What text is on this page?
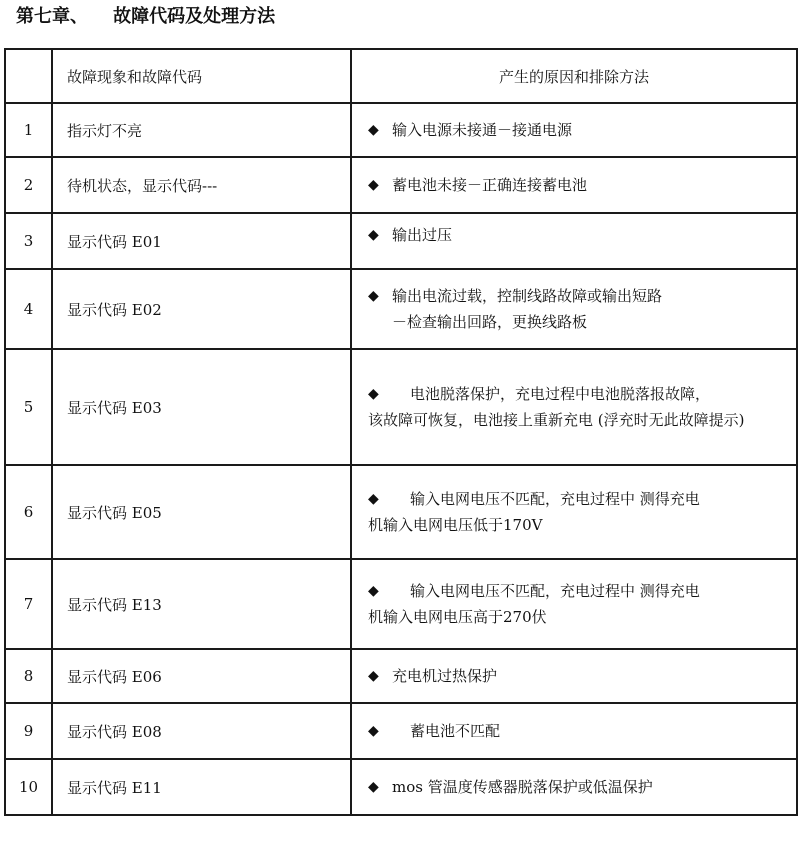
第七章、    故障代码及处理方法
	故障现象和故障代码	产生的原因和排除方法
1	指示灯不亮	◆ 输入电源未接通－接通电源

2	待机状态，显示代码---	◆ 蓄电池未接－正确连接蓄电池

3	显示代码 E01	◆ 输出过压

4	显示代码 E02	◆ 输出电流过载，控制线路故障或输出短路
－检查输出回路，更换线路板

5	显示代码 E03	◆ 电池脱落保护，充电过程中电池脱落报故障，
该故障可恢复，电池接上重新充电 (浮充时无此故障提示)

6	显示代码 E05	◆ 输入电网电压不匹配，充电过程中 测得充电
机输入电网电压低于170V

7	显示代码 E13	◆ 输入电网电压不匹配，充电过程中 测得充电
机输入电网电压高于270伏

8	显示代码 E06	◆ 充电机过热保护

9	显示代码 E08	◆ 蓄电池不匹配

10	显示代码 E11	◆ mos 管温度传感器脱落保护或低温保护
